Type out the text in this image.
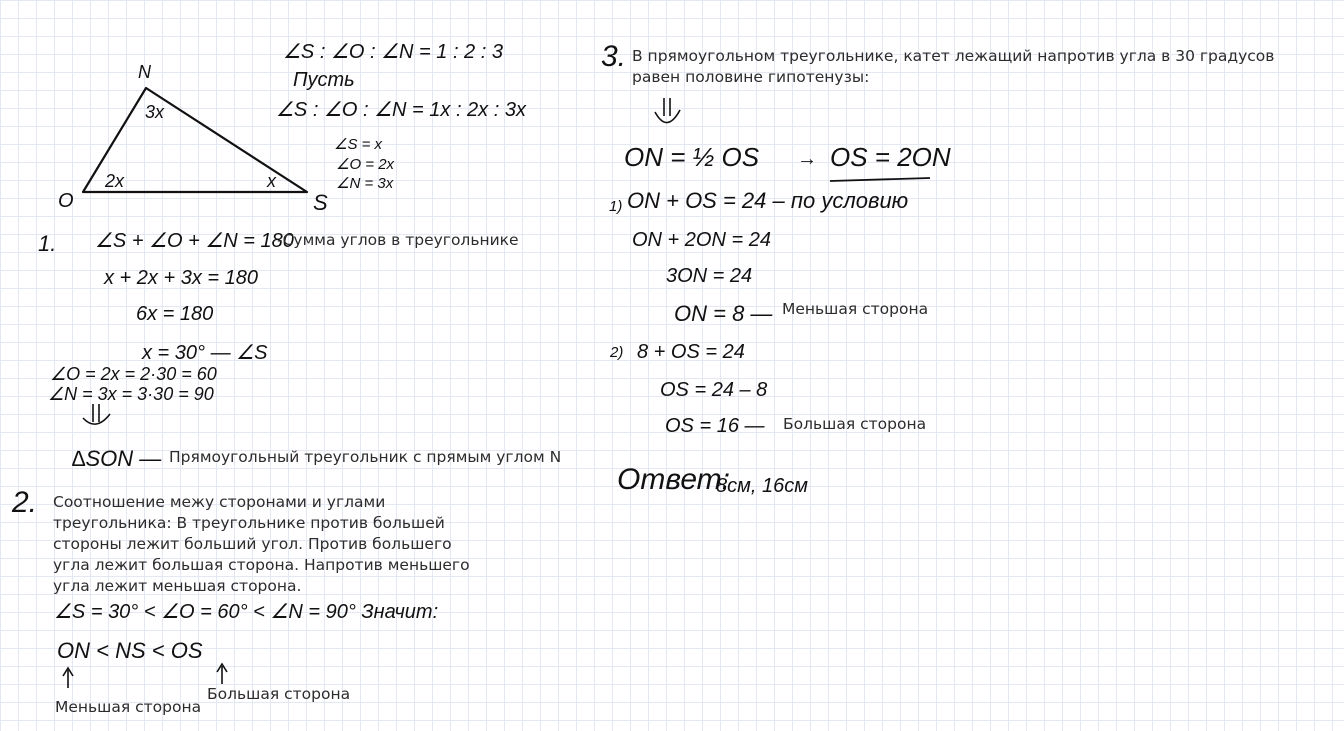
N
O	S
3x
2x	x
∠S : ∠O : ∠N = 1 : 2 : 3
Пусть
∠S : ∠O : ∠N = 1x : 2x : 3x
∠S = x
∠O = 2x
∠N = 3x
1. ∠S + ∠O + ∠N = 180
-Сумма углов в треугольнике
x + 2x + 3x = 180
6x = 180
x = 30° — ∠S
∠O = 2x = 2·30 = 60
∠N = 3x = 3·30 = 90
∆SON — Прямоугольный треугольник с прямым углом N
2. Соотношение межу сторонами и углами треугольника: В треугольнике против большей стороны лежит больший угол. Против большего угла лежит большая сторона. Напротив меньшего угла лежит меньшая сторона.
∠S = 30° < ∠O = 60° < ∠N = 90° Значит:
ON < NS < OS
Меньшая сторона
Большая сторона
3. В прямоугольном треугольнике, катет лежащий напротив угла в 30 градусов равен половине гипотенузы:
ON = ½ OS → OS = 2ON
1) ON + OS = 24 – по условию
ON + 2ON = 24
3ON = 24
ON = 8 — Меньшая сторона
2) 8 + OS = 24
OS = 24 – 8
OS = 16 — Большая сторона
Ответ:
8см, 16см
